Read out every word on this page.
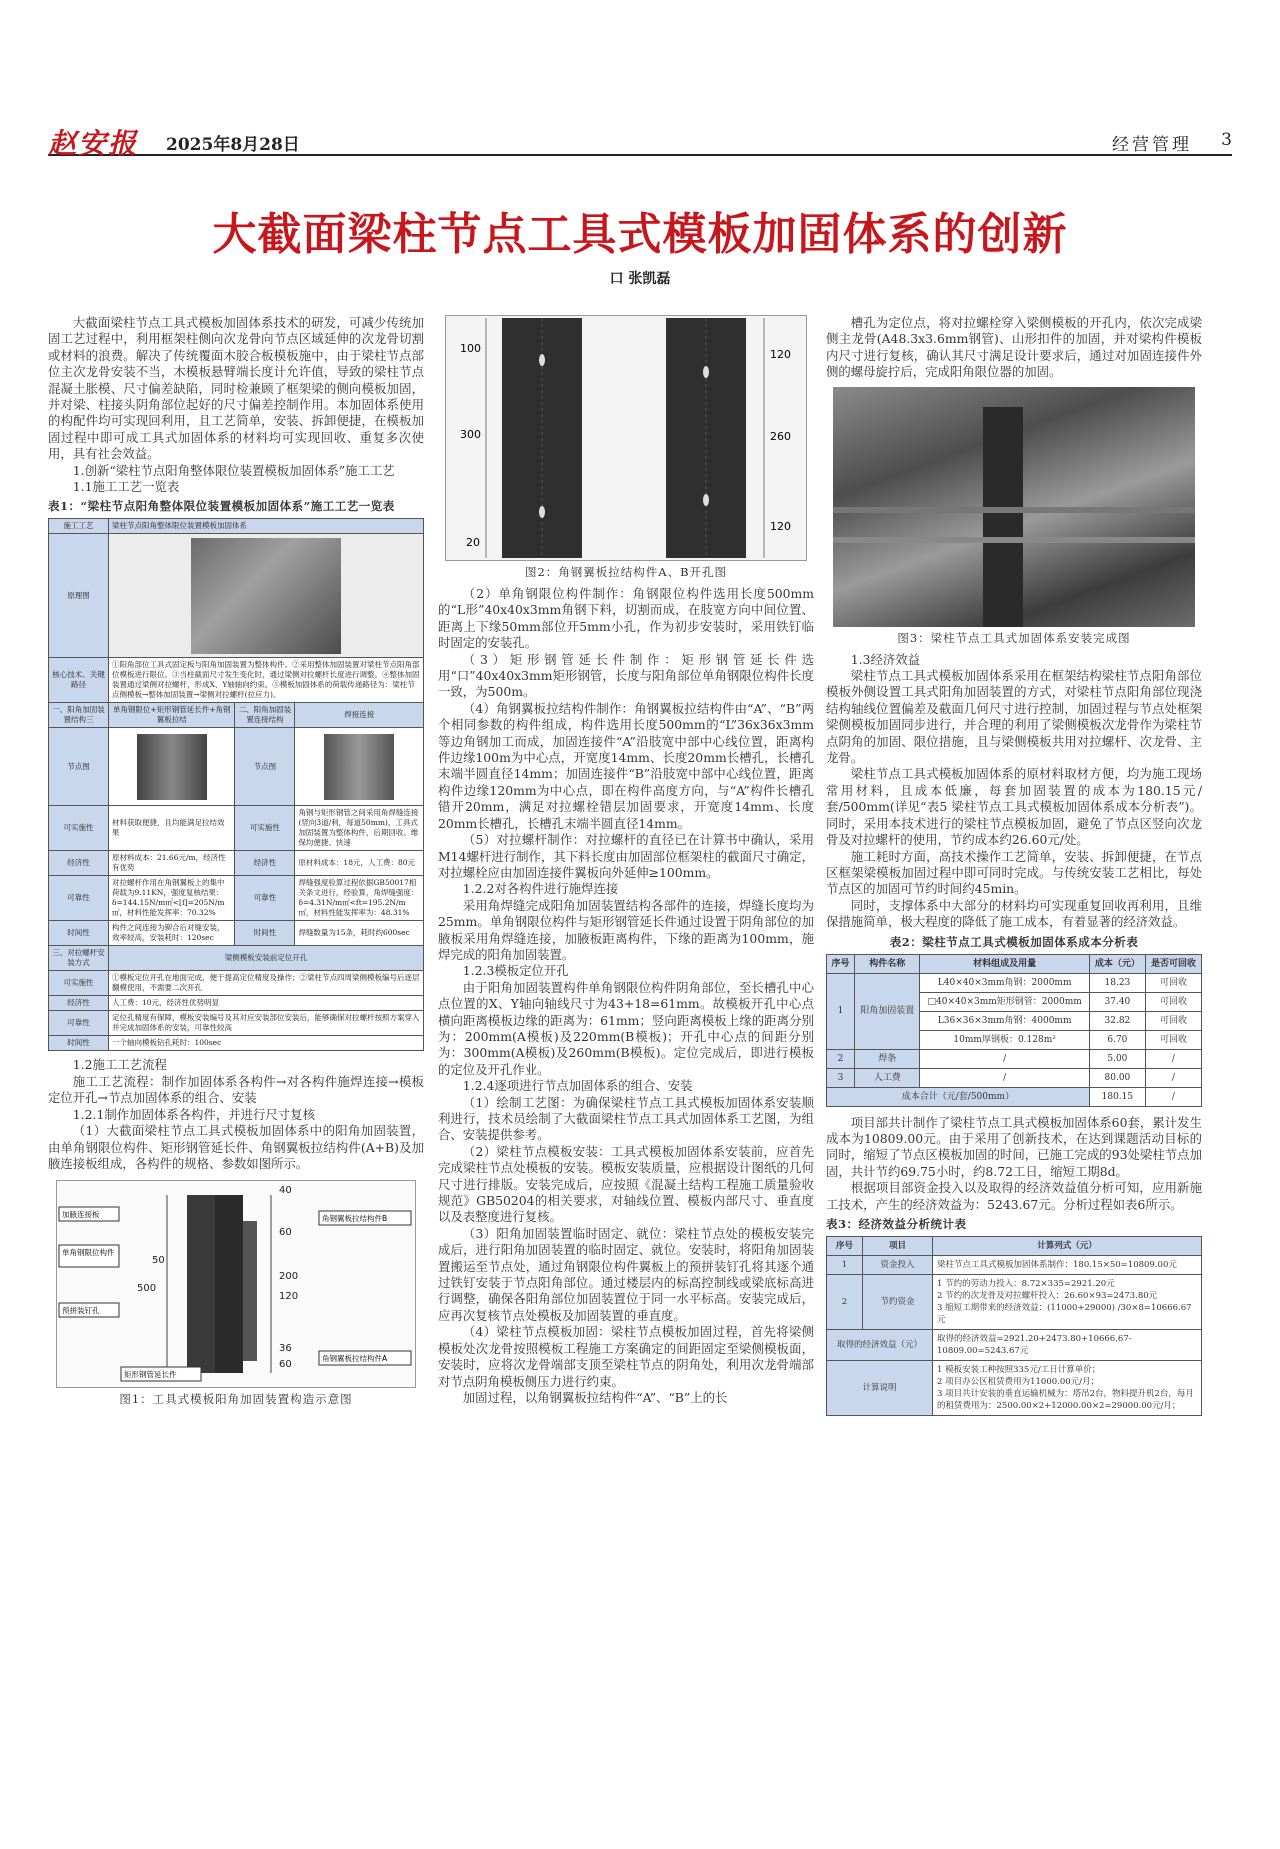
赵安报 2025年8月28日	经营管理 3
大截面梁柱节点工具式模板加固体系的创新
口 张凯磊

大截面梁柱节点工具式模板加固体系技术的研发，可减少传统加固工艺过程中，利用框架柱侧向次龙骨向节点区域延伸的次龙骨切割或材料的浪费。解决了传统覆面木胶合板模板施中，由于梁柱节点部位主次龙骨安装不当，木模板悬臂端长度计允许值，导致的梁柱节点混凝土胀模、尺寸偏差缺陷，同时检兼顾了框架梁的侧向模板加固，并对梁、柱接头阴角部位起好的尺寸偏差控制作用。本加固体系使用的构配件均可实现回利用，且工艺简单，安装、拆卸便捷，在模板加固过程中即可成工具式加固体系的材料均可实现回收、重复多次使用，具有社会效益。

1.创新“梁柱节点阳角整体限位装置模板加固体系”施工工艺

1.1施工工艺一览表

表1：“梁柱节点阳角整体限位装置模板加固体系”施工工艺一览表
施工工艺	梁柱节点阳角整体限位装置模板加固体系		
原理图			

核心技术、关键路径	①阳角部位工具式固定板与阳角加固装置为整体构件。②采用整体加固装置对梁柱节点阳角部位模板进行限位。③当柱截面尺寸发生变化时，通过梁侧对拉螺杆长度进行调整。④整体加固装置通过梁侧对拉螺杆，形成X、Y轴轴向约束。⑤模板加固体系的荷载传递路径为：梁柱节点侧模板→整体加固装置→梁侧对拉螺杆(拉应力)。		
一、阳角加固装置结构三	单角钢限位+矩形钢管延长件+角钢翼板拉结	二、阳角加固装置连接结构	焊接连接
节点图		节点图	

可实施性	材料获取便捷，且均能满足拉结效果	可实施性	角钢与矩形钢管之间采用角焊缝连接(竖向3道/利，每道50mm)，工具式加固装置为整体构件，后期回收、维保均便捷、快速
经济性	原材料成本：21.66元/m，经济性有优势	经济性	原材料成本：18元，人工费：80元
可靠性	对拉螺杆作用在角钢翼板上的集中荷载为9.11KN，强度复核结果：δ=144.15N/m㎡<[f]=205N/m㎡，材料性能发挥率：70.32%	可靠性	焊缝强度验算过程依据GB50017相关条文进行，经验算，角焊缝强度：δ=4.31N/m㎡<ft=195.2N/m㎡，材料性能发挥率为：48.31%
时间性	构件之间连接为铆合后对缝安装，效率较高，安装耗时：120sec	时间性	焊缝数量为15条，耗时约600sec
三、对拉螺杆安装方式	梁侧模板安装前定位开孔		
可实施性	①模板定位开孔在地面完成，便于提高定位精度及操作；②梁柱节点四周梁侧模板编号后逐层翻模使用，不需要二次开孔		
经济性	人工费：10元，经济性优势明显		
可靠性	定位孔精度有保障，模板安装编号及其对应安装部位安装后，能够确保对拉螺杆按照方案穿入并完成加固体系的安装，可靠性较高		
时间性	一个轴向模板钻孔耗时：100sec		

1.2施工工艺流程

施工工艺流程：制作加固体系各构件→对各构件施焊连接→模板定位开孔→节点加固体系的组合、安装

1.2.1制作加固体系各构件，并进行尺寸复核

（1）大截面梁柱节点工具式模板加固体系中的阳角加固装置，由单角钢限位构件、矩形钢管延长件、角钢翼板拉结构件(A+B)及加腋连接板组成，各构件的规格、参数如图所示。

500
50
40
60
120
200
36
60
加腋连接板
单角钢限位构件
预拼装钉孔
角钢翼板拉结构件B
角钢翼板拉结构件A
矩形钢管延长件
图1：工具式模板阳角加固装置构造示意图
100
300
20
120
260
120
图2：角钢翼板拉结构件A、B开孔图

（2）单角钢限位构件制作：角钢限位构件选用长度500mm的“L形”40x40x3mm角钢下料，切割而成，在肢宽方向中间位置、距离上下缘50mm部位开5mm小孔，作为初步安装时，采用铁钉临时固定的安装孔。

（3）矩形钢管延长件制作：矩形钢管延长件选用“口”40x40x3mm矩形钢管，长度与阳角部位单角钢限位构件长度一致，为500m。

（4）角钢翼板拉结构件制作：角钢翼板拉结构件由“A”、“B”两个相同参数的构件组成，构件选用长度500mm的“L”36x36x3mm等边角钢加工而成，加固连接件“A”沿肢宽中部中心线位置，距离构件边缘100m为中心点，开宽度14mm、长度20mm长槽孔，长槽孔末端半圆直径14mm；加固连接件“B”沿肢宽中部中心线位置，距离构件边缘120mm为中心点，即在构件高度方向，与“A”构件长槽孔错开20mm，满足对拉螺栓错层加固要求，开宽度14mm、长度20mm长槽孔，长槽孔末端半圆直径14mm。

（5）对拉螺杆制作：对拉螺杆的直径已在计算书中确认，采用M14螺杆进行制作，其下料长度由加固部位框架柱的截面尺寸确定，对拉螺栓应由加固连接件翼板向外延伸≥100mm。

1.2.2对各构件进行施焊连接

采用角焊缝完成阳角加固装置结构各部件的连接，焊缝长度均为25mm。单角钢限位构件与矩形钢管延长件通过设置于阴角部位的加腋板采用角焊缝连接，加腋板距离构件，下缘的距离为100mm，施焊完成的阳角加固装置。

1.2.3模板定位开孔

由于阳角加固装置构件单角钢限位构件阴角部位，至长槽孔中心点位置的X、Y轴向轴线尺寸为43+18=61mm。故模板开孔中心点横向距离模板边缘的距离为：61mm；竖向距离模板上缘的距离分别为：200mm(A模板)及220mm(B模板)；开孔中心点的间距分别为：300mm(A模板)及260mm(B模板)。定位完成后，即进行模板的定位及开孔作业。

1.2.4逐项进行节点加固体系的组合、安装

（1）绘制工艺图：为确保梁柱节点工具式模板加固体系安装顺利进行，技术员绘制了大截面梁柱节点工具式加固体系工艺图，为组合、安装提供参考。

（2）梁柱节点模板安装：工具式模板加固体系安装前，应首先完成梁柱节点处模板的安装。模板安装质量，应根据设计图纸的几何尺寸进行排版。安装完成后，应按照《混凝土结构工程施工质量验收规范》GB50204的相关要求，对轴线位置、模板内部尺寸、垂直度以及表整度进行复核。

（3）阳角加固装置临时固定、就位：梁柱节点处的模板安装完成后，进行阳角加固装置的临时固定、就位。安装时，将阳角加固装置搬运至节点处，通过角钢限位构件翼板上的预拼装钉孔将其逐个通过铁钉安装于节点阳角部位。通过楼层内的标高控制线或梁底标高进行调整，确保各阳角部位加固装置位于同一水平标高。安装完成后，应再次复核节点处模板及加固装置的垂直度。

（4）梁柱节点模板加固：梁柱节点模板加固过程，首先将梁侧模板处次龙骨按照模板工程施工方案确定的间距固定至梁侧模板面，安装时，应将次龙骨端部支顶至梁柱节点的阴角处，利用次龙骨端部对节点阴角模板侧压力进行约束。

加固过程，以角钢翼板拉结构件“A”、“B”上的长

槽孔为定位点，将对拉螺栓穿入梁侧模板的开孔内，依次完成梁侧主龙骨(A48.3x3.6mm钢管)、山形扣件的加固，并对梁构件模板内尺寸进行复核，确认其尺寸满足设计要求后，通过对加固连接件外侧的螺母旋拧后，完成阳角限位器的加固。

图3：梁柱节点工具式加固体系安装完成图

1.3经济效益

梁柱节点工具式模板加固体系采用在框架结构梁柱节点阳角部位模板外侧设置工具式阳角加固装置的方式，对梁柱节点阳角部位现浇结构轴线位置偏差及截面几何尺寸进行控制，加固过程与节点处框架梁侧模板加固同步进行，并合理的利用了梁侧模板次龙骨作为梁柱节点阴角的加固、限位措施，且与梁侧模板共用对拉螺杆、次龙骨、主龙骨。

梁柱节点工具式模板加固体系的原材料取材方便，均为施工现场常用材料，且成本低廉，每套加固装置的成本为180.15元/套/500mm(详见“表5 梁柱节点工具式模板加固体系成本分析表”)。同时，采用本技术进行的梁柱节点模板加固，避免了节点区竖向次龙骨及对拉螺杆的使用，节约成本约26.60元/处。

施工耗时方面，高技术操作工艺简单，安装、拆卸便捷，在节点区框架梁模板加固过程中即可同时完成。与传统安装工艺相比，每处节点区的加固可节约时间约45min。

同时，支撑体系中大部分的材料均可实现重复回收再利用，且维保措施简单，极大程度的降低了施工成本，有着显著的经济效益。

表2：梁柱节点工具式模板加固体系成本分析表
序号	构件名称	材料组成及用量	成本（元）	是否可回收
1	阳角加固装置	L40×40×3mm角钢：2000mm	18.23	可回收
		□40×40×3mm矩形钢管：2000mm	37.40	可回收
		L36×36×3mm角钢：4000mm	32.82	可回收
		10mm厚钢板：0.128m²	6.70	可回收
2	焊条	/	5.00	/
3	人工费	/	80.00	/
成本合计（元/套/500mm）			180.15	/

项目部共计制作了梁柱节点工具式模板加固体系60套，累计发生成本为10809.00元。由于采用了创新技术，在达到课题活动目标的同时，缩短了节点区模板加固的时间，已施工完成的93处梁柱节点加固，共计节约69.75小时，约8.72工日，缩短工期8d。

根据项目部资金投入以及取得的经济效益值分析可知，应用新施工技术，产生的经济效益为：5243.67元。分析过程如表6所示。

表3：经济效益分析统计表
序号	项目	计算列式（元）
1	资金投入	梁柱节点工具式模板加固体系制作：180.15×50=10809.00元
2	节约资金	1 节约的劳动力投入：8.72×335=2921.20元
2 节约的次龙骨及对拉螺杆投入：26.60×93=2473.80元
3 缩短工期带来的经济效益：(11000+29000) /30×8=10666.67元

取得的经济效益（元）		取得的经济效益=2921.20+2473.80+10666.67-10809.00=5243.67元
计算说明		1 模板安装工种按照335元/工日计算单价；
2 项目办公区租赁费用为11000.00元/月；
3 项目共计安装的垂直运输机械为：塔吊2台，物料提升机2台，每月的租赁费用为：2500.00×2+12000.00×2=29000.00元/月；
